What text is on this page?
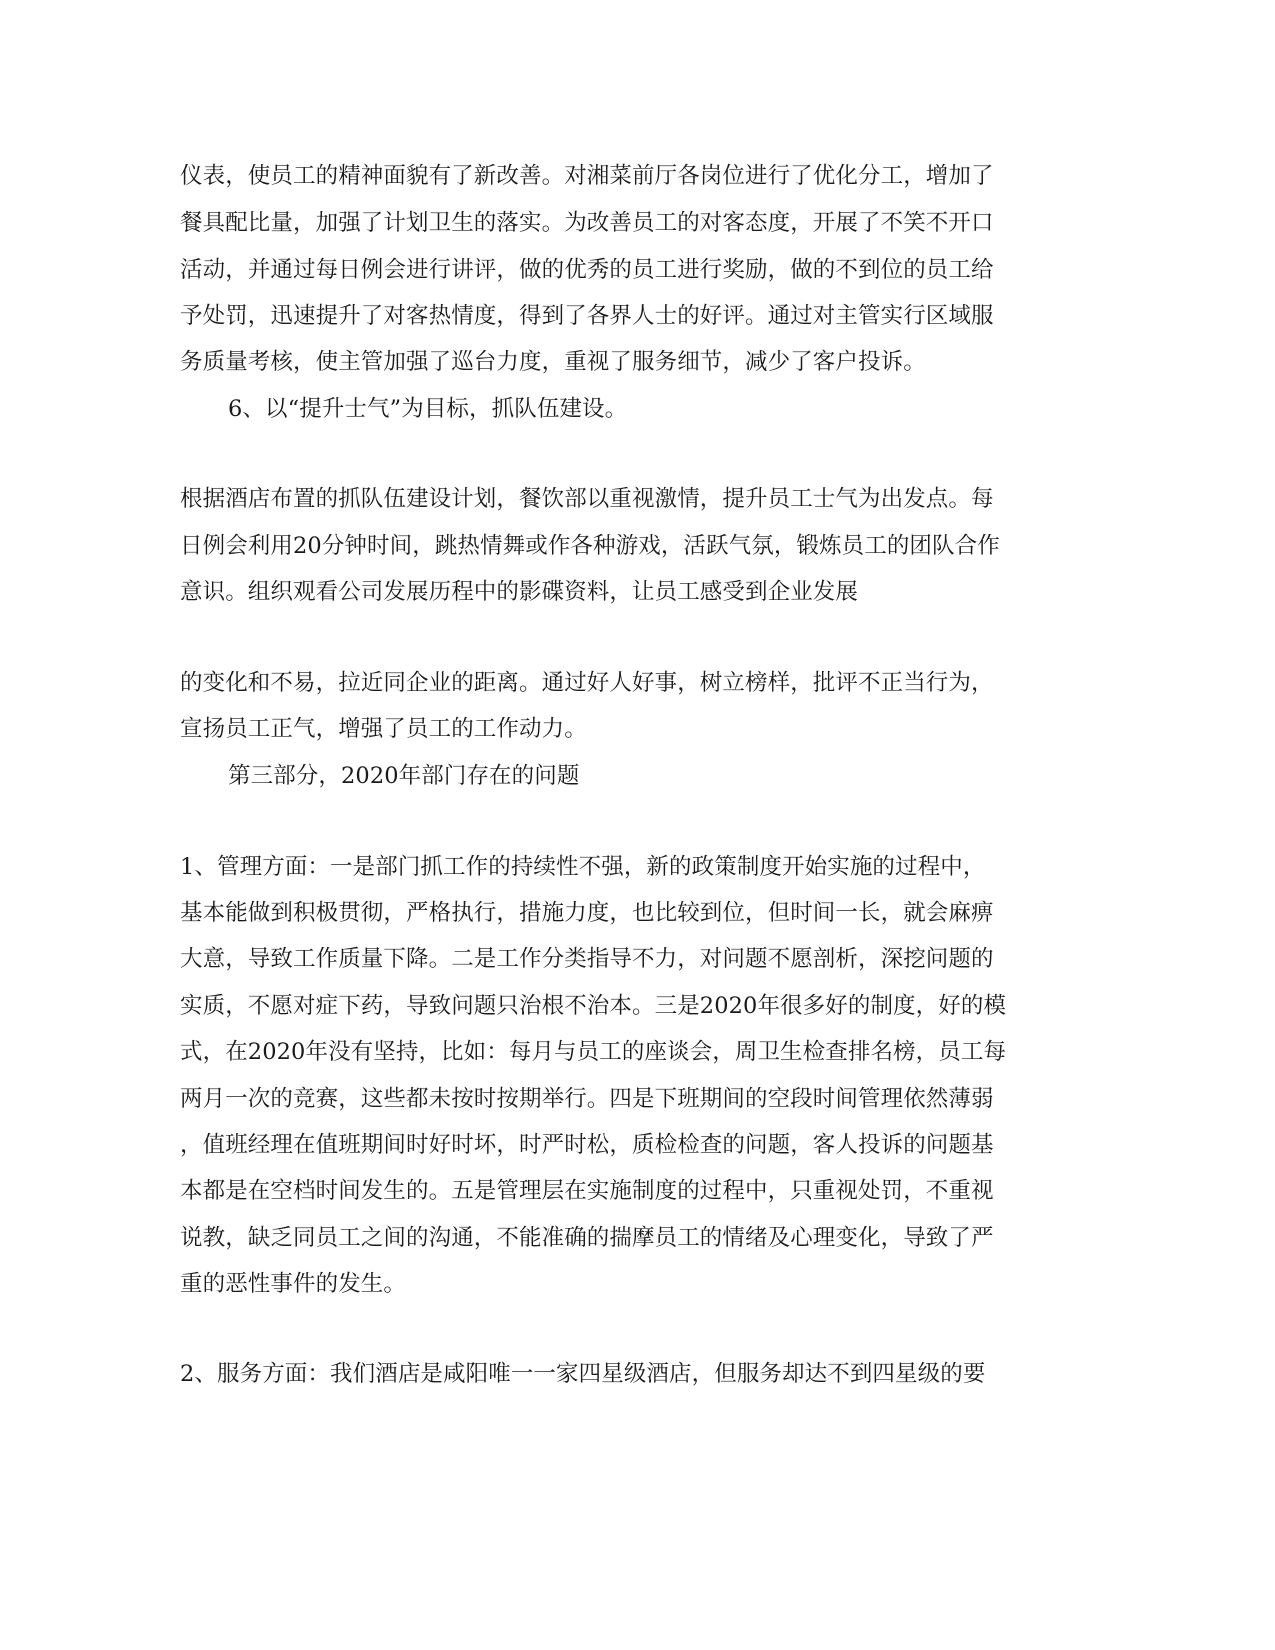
仪表，使员工的精神面貌有了新改善。对湘菜前厅各岗位进行了优化分工，增加了
餐具配比量，加强了计划卫生的落实。为改善员工的对客态度，开展了不笑不开口
活动，并通过每日例会进行讲评，做的优秀的员工进行奖励，做的不到位的员工给
予处罚，迅速提升了对客热情度，得到了各界人士的好评。通过对主管实行区域服
务质量考核，使主管加强了巡台力度，重视了服务细节，减少了客户投诉。
6、以“提升士气”为目标，抓队伍建设。
根据酒店布置的抓队伍建设计划，餐饮部以重视激情，提升员工士气为出发点。每
日例会利用20分钟时间，跳热情舞或作各种游戏，活跃气氛，锻炼员工的团队合作
意识。组织观看公司发展历程中的影碟资料，让员工感受到企业发展
的变化和不易，拉近同企业的距离。通过好人好事，树立榜样，批评不正当行为，
宣扬员工正气，增强了员工的工作动力。
第三部分，2020年部门存在的问题
1、管理方面：一是部门抓工作的持续性不强，新的政策制度开始实施的过程中，
基本能做到积极贯彻，严格执行，措施力度，也比较到位，但时间一长，就会麻痹
大意，导致工作质量下降。二是工作分类指导不力，对问题不愿剖析，深挖问题的
实质，不愿对症下药，导致问题只治根不治本。三是2020年很多好的制度，好的模
式，在2020年没有坚持，比如：每月与员工的座谈会，周卫生检查排名榜，员工每
两月一次的竞赛，这些都未按时按期举行。四是下班期间的空段时间管理依然薄弱
，值班经理在值班期间时好时坏，时严时松，质检检查的问题，客人投诉的问题基
本都是在空档时间发生的。五是管理层在实施制度的过程中，只重视处罚，不重视
说教，缺乏同员工之间的沟通，不能准确的揣摩员工的情绪及心理变化，导致了严
重的恶性事件的发生。
2、服务方面：我们酒店是咸阳唯一一家四星级酒店，但服务却达不到四星级的要
